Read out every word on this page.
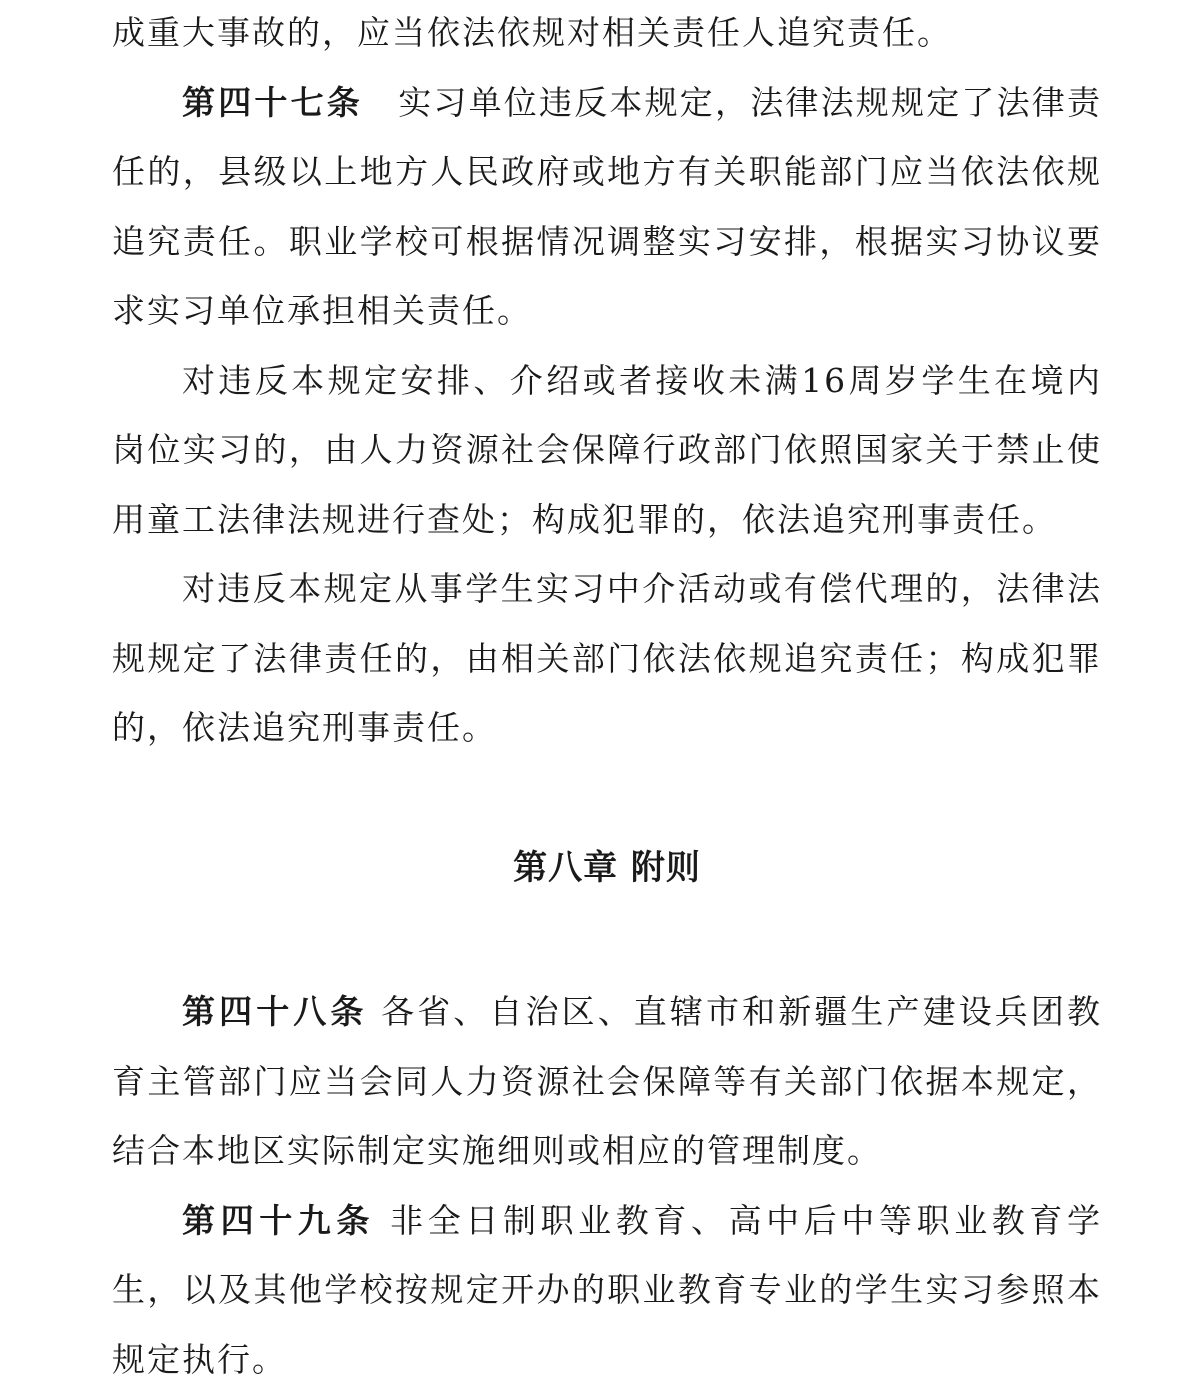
成重大事故的，应当依法依规对相关责任人追究责任。

第四十七条　实习单位违反本规定，法律法规规定了法律责任的，县级以上地方人民政府或地方有关职能部门应当依法依规追究责任。职业学校可根据情况调整实习安排，根据实习协议要求实习单位承担相关责任。

对违反本规定安排、介绍或者接收未满16周岁学生在境内岗位实习的，由人力资源社会保障行政部门依照国家关于禁止使用童工法律法规进行查处；构成犯罪的，依法追究刑事责任。

对违反本规定从事学生实习中介活动或有偿代理的，法律法规规定了法律责任的，由相关部门依法依规追究责任；构成犯罪的，依法追究刑事责任。

第八章 附则

第四十八条 各省、自治区、直辖市和新疆生产建设兵团教育主管部门应当会同人力资源社会保障等有关部门依据本规定，结合本地区实际制定实施细则或相应的管理制度。

第四十九条 非全日制职业教育、高中后中等职业教育学生，以及其他学校按规定开办的职业教育专业的学生实习参照本规定执行。
